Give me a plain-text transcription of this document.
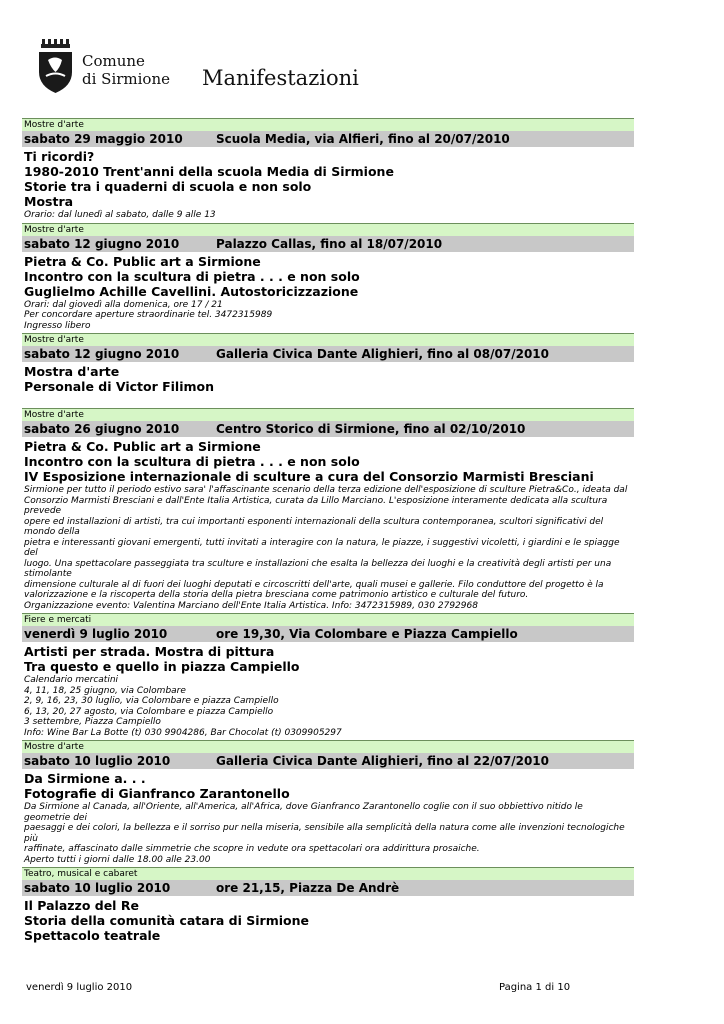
Comune
di Sirmione Manifestazioni
Mostre d'arte
sabato 29 maggio 2010	Scuola Media, via Alfieri, fino al 20/07/2010
Ti ricordi?
1980-2010 Trent'anni della scuola Media di Sirmione
Storie tra i quaderni di scuola e non solo
Mostra
Orario: dal lunedì al sabato, dalle 9 alle 13
Mostre d'arte
sabato 12 giugno 2010	Palazzo Callas, fino al 18/07/2010
Pietra & Co. Public art a Sirmione
Incontro con la scultura di pietra . . . e non solo
Guglielmo Achille Cavellini. Autostoricizzazione
Orari: dal giovedì alla domenica, ore 17 / 21
Per concordare aperture straordinarie tel. 3472315989
Ingresso libero
Mostre d'arte
sabato 12 giugno 2010	Galleria Civica Dante Alighieri, fino al 08/07/2010
Mostra d'arte
Personale di Victor Filimon
Mostre d'arte
sabato 26 giugno 2010	Centro Storico di Sirmione, fino al 02/10/2010
Pietra & Co. Public art a Sirmione
Incontro con la scultura di pietra . . . e non solo
IV Esposizione internazionale di sculture a cura del Consorzio Marmisti Bresciani
Sirmione per tutto il periodo estivo sara' l'affascinante scenario della terza edizione dell'esposizione di sculture Pietra&Co., ideata dal
Consorzio Marmisti Bresciani e dall'Ente Italia Artistica, curata da Lillo Marciano. L'esposizione interamente dedicata alla scultura prevede
opere ed installazioni di artisti, tra cui importanti esponenti internazionali della scultura contemporanea, scultori significativi del mondo della
pietra e interessanti giovani emergenti, tutti invitati a interagire con la natura, le piazze, i suggestivi vicoletti, i giardini e le spiagge del
luogo. Una spettacolare passeggiata tra sculture e installazioni che esalta la bellezza dei luoghi e la creatività degli artisti per una stimolante
dimensione culturale al di fuori dei luoghi deputati e circoscritti dell'arte, quali musei e gallerie. Filo conduttore del progetto è la
valorizzazione e la riscoperta della storia della pietra bresciana come patrimonio artistico e culturale del futuro.
Organizzazione evento: Valentina Marciano dell'Ente Italia Artistica. Info: 3472315989, 030 2792968
Fiere e mercati
venerdì 9 luglio 2010	ore 19,30, Via Colombare e Piazza Campiello
Artisti per strada. Mostra di pittura
Tra questo e quello in piazza Campiello
Calendario mercatini
4, 11, 18, 25 giugno, via Colombare
2, 9, 16, 23, 30 luglio, via Colombare e piazza Campiello
6, 13, 20, 27 agosto, via Colombare e piazza Campiello
3 settembre, Piazza Campiello
Info: Wine Bar La Botte (t) 030 9904286, Bar Chocolat (t) 0309905297
Mostre d'arte
sabato 10 luglio 2010	Galleria Civica Dante Alighieri, fino al 22/07/2010
Da Sirmione a. . .
Fotografie di Gianfranco Zarantonello
Da Sirmione al Canada, all'Oriente, all'America, all'Africa, dove Gianfranco Zarantonello coglie con il suo obbiettivo nitido le geometrie dei
paesaggi e dei colori, la bellezza e il sorriso pur nella miseria, sensibile alla semplicità della natura come alle invenzioni tecnologiche più
raffinate, affascinato dalle simmetrie che scopre in vedute ora spettacolari ora addirittura prosaiche.
Aperto tutti i giorni dalle 18.00 alle 23.00
Teatro, musical e cabaret
sabato 10 luglio 2010	ore 21,15, Piazza De Andrè
Il Palazzo del Re
Storia della comunità catara di Sirmione
Spettacolo teatrale
venerdì 9 luglio 2010	Pagina 1 di 10
